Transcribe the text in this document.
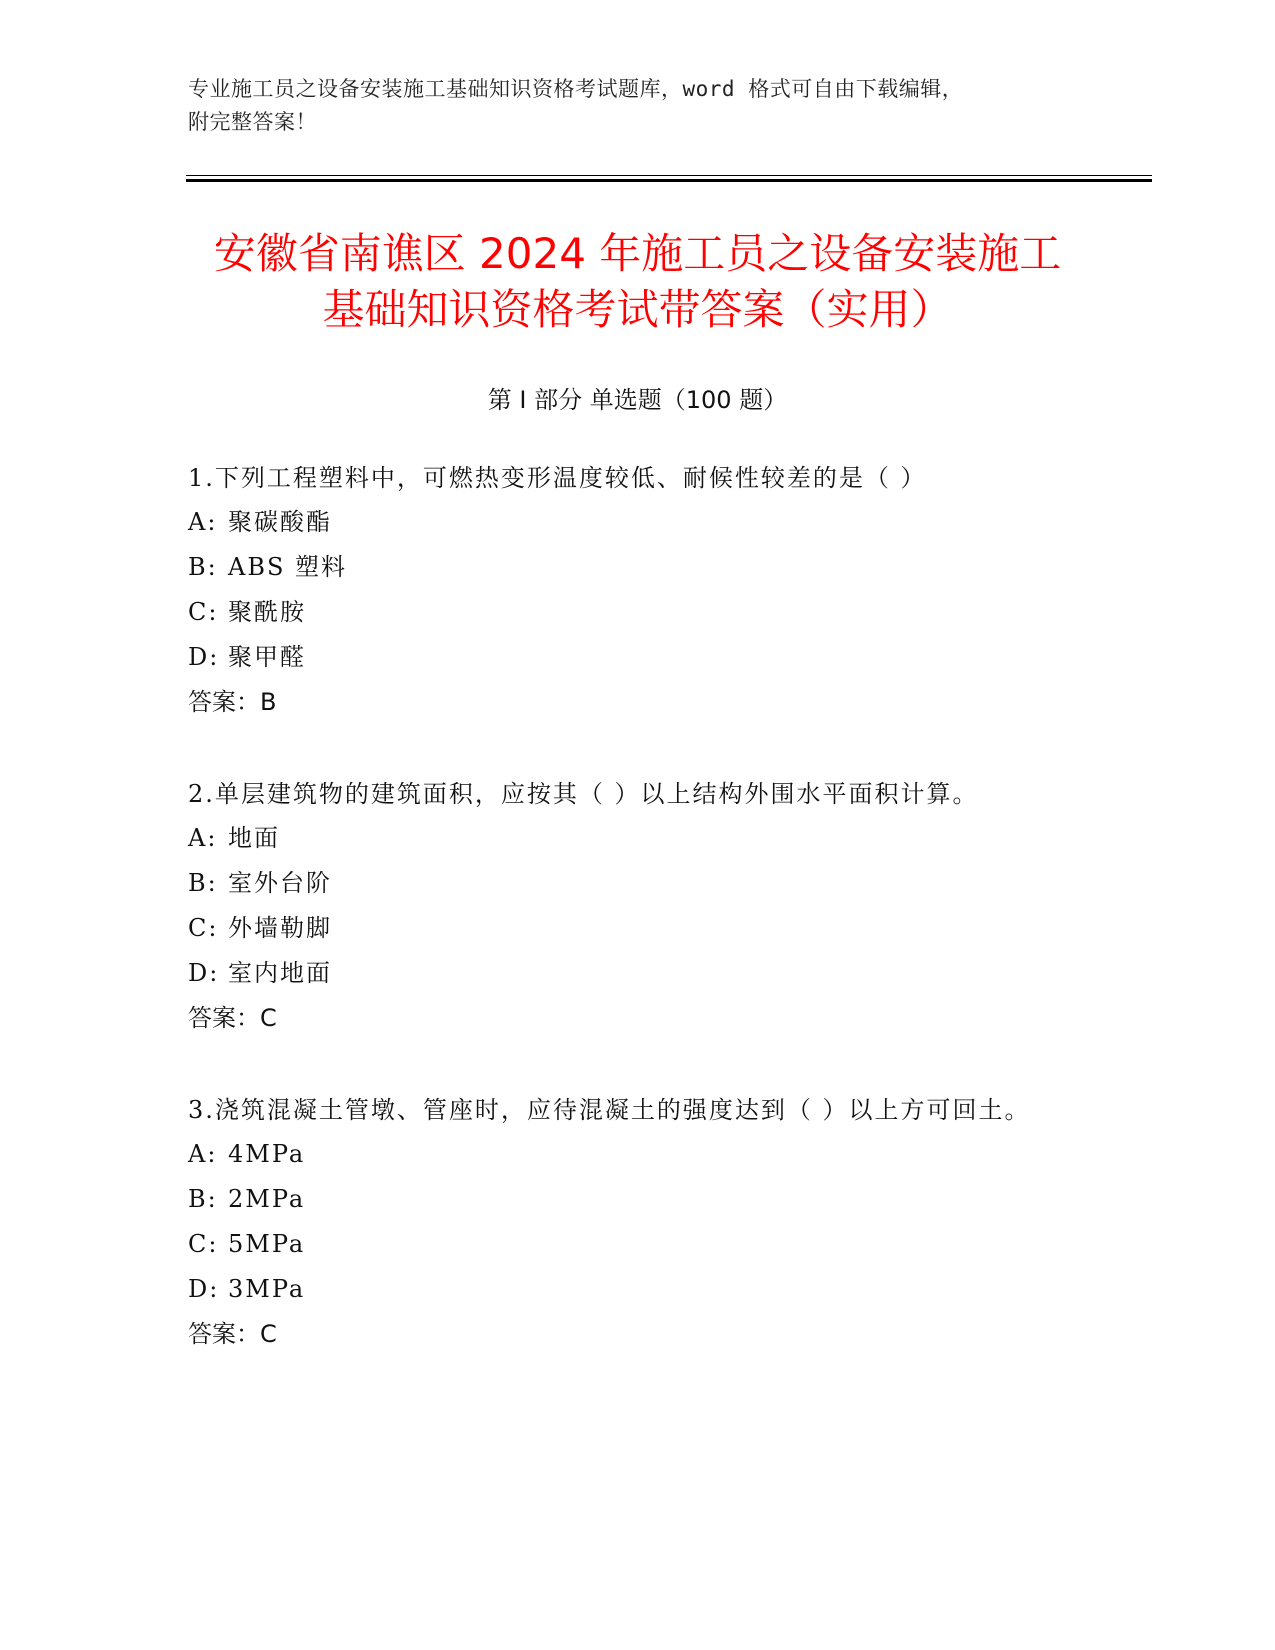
专业施工员之设备安装施工基础知识资格考试题库，word 格式可自由下载编辑，
附完整答案！
安徽省南谯区 2024 年施工员之设备安装施工
基础知识资格考试带答案（实用）
第 I 部分 单选题（100 题）
1.下列工程塑料中，可燃热变形温度较低、耐候性较差的是（ ）
A: 聚碳酸酯
B: ABS 塑料
C: 聚酰胺
D: 聚甲醛
答案：B
2.单层建筑物的建筑面积，应按其（ ）以上结构外围水平面积计算。
A: 地面
B: 室外台阶
C: 外墙勒脚
D: 室内地面
答案：C
3.浇筑混凝土管墩、管座时，应待混凝土的强度达到（ ）以上方可回土。
A: 4MPa
B: 2MPa
C: 5MPa
D: 3MPa
答案：C
